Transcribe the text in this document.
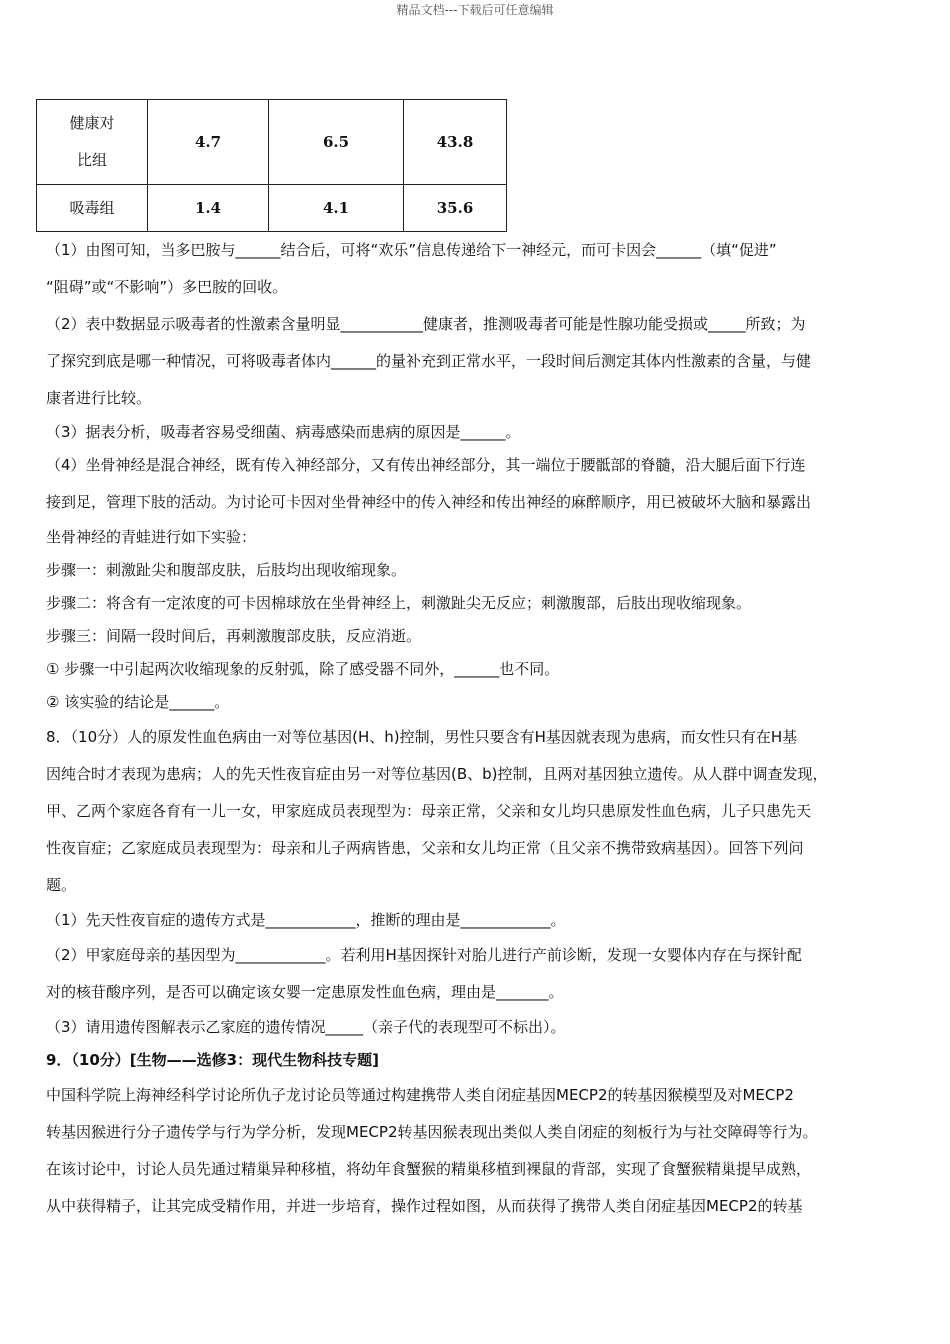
精品文档---下载后可任意编辑
健康对
比组	4.7	6.5	43.8
吸毒组	1.4	4.1	35.6

（1）由图可知，当多巴胺与______结合后，可将“欢乐”信息传递给下一神经元，而可卡因会______（填“促进”

“阻碍”或“不影响”）多巴胺的回收。

（2）表中数据显示吸毒者的性激素含量明显___________健康者，推测吸毒者可能是性腺功能受损或_____所致；为

了探究到底是哪一种情况，可将吸毒者体内______的量补充到正常水平，一段时间后测定其体内性激素的含量，与健

康者进行比较。

（3）据表分析，吸毒者容易受细菌、病毒感染而患病的原因是______。

（4）坐骨神经是混合神经，既有传入神经部分，又有传出神经部分，其一端位于腰骶部的脊髓，沿大腿后面下行连

接到足，管理下肢的活动。为讨论可卡因对坐骨神经中的传入神经和传出神经的麻醉顺序，用已被破坏大脑和暴露出

坐骨神经的青蛙进行如下实验：

步骤一：刺激趾尖和腹部皮肤，后肢均出现收缩现象。

步骤二：将含有一定浓度的可卡因棉球放在坐骨神经上，刺激趾尖无反应；刺激腹部，后肢出现收缩现象。

步骤三：间隔一段时间后，再刺激腹部皮肤，反应消逝。

① 步骤一中引起两次收缩现象的反射弧，除了感受器不同外，______也不同。

② 该实验的结论是______。

8．（10分）人的原发性血色病由一对等位基因(H、h)控制，男性只要含有H基因就表现为患病，而女性只有在H基

因纯合时才表现为患病；人的先天性夜盲症由另一对等位基因(B、b)控制，且两对基因独立遗传。从人群中调查发现，

甲、乙两个家庭各育有一儿一女，甲家庭成员表现型为：母亲正常，父亲和女儿均只患原发性血色病，儿子只患先天

性夜盲症；乙家庭成员表现型为：母亲和儿子两病皆患，父亲和女儿均正常（且父亲不携带致病基因）。回答下列问

题。

（1）先天性夜盲症的遗传方式是____________，推断的理由是____________。

（2）甲家庭母亲的基因型为____________。若利用H基因探针对胎儿进行产前诊断，发现一女婴体内存在与探针配

对的核苷酸序列，是否可以确定该女婴一定患原发性血色病，理由是_______。

（3）请用遗传图解表示乙家庭的遗传情况_____（亲子代的表现型可不标出）。

9．（10分）[生物——选修3：现代生物科技专题]

中国科学院上海神经科学讨论所仇子龙讨论员等通过构建携带人类自闭症基因MECP2的转基因猴模型及对MECP2

转基因猴进行分子遗传学与行为学分析，发现MECP2转基因猴表现出类似人类自闭症的刻板行为与社交障碍等行为。

在该讨论中，讨论人员先通过精巢异种移植，将幼年食蟹猴的精巢移植到裸鼠的背部，实现了食蟹猴精巢提早成熟，

从中获得精子，让其完成受精作用，并进一步培育，操作过程如图，从而获得了携带人类自闭症基因MECP2的转基
